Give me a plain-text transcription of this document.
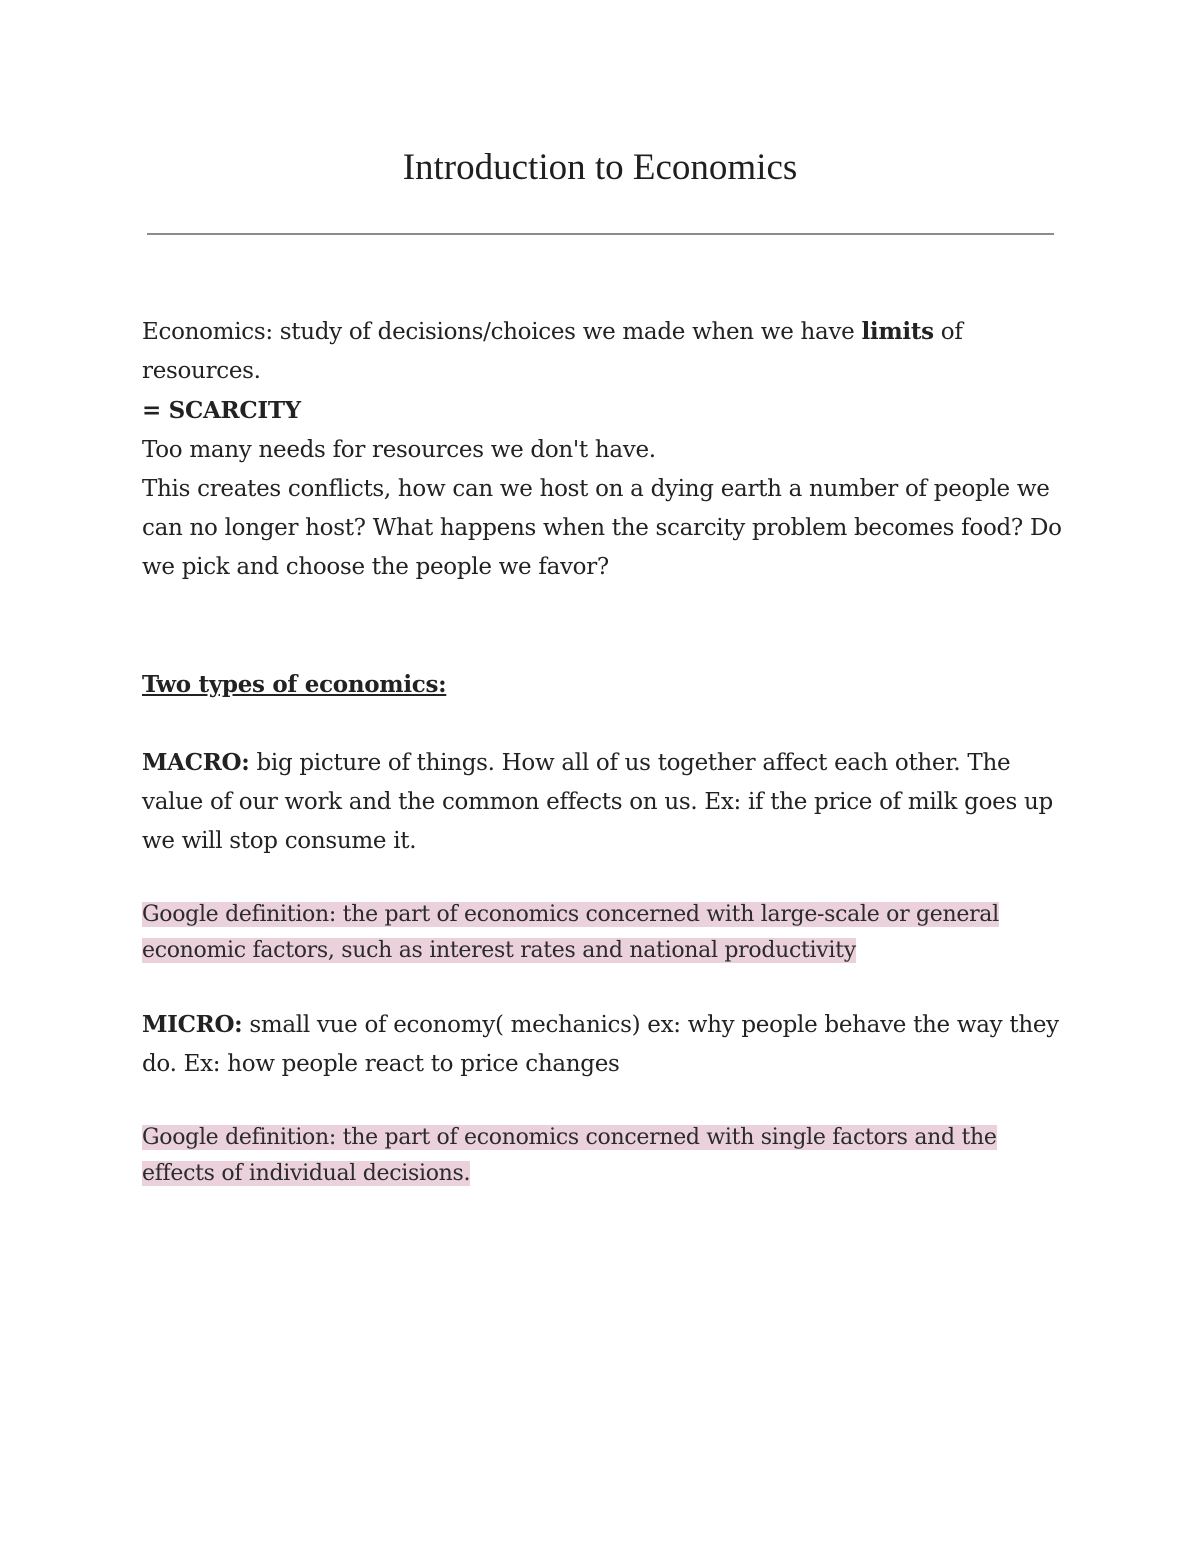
Introduction to Economics

Economics: study of decisions/choices we made when we have limits of resources.

= SCARCITY

Too many needs for resources we don't have.

This creates conflicts, how can we host on a dying earth a number of people we can no longer host? What happens when the scarcity problem becomes food? Do we pick and choose the people we favor?

Two types of economics:

MACRO: big picture of things. How all of us together affect each other. The value of our work and the common effects on us. Ex: if the price of milk goes up we will stop consume it.

Google definition: the part of economics concerned with large-scale or general economic factors, such as interest rates and national productivity

MICRO: small vue of economy( mechanics) ex: why people behave the way they do. Ex: how people react to price changes

Google definition: the part of economics concerned with single factors and the effects of individual decisions.
